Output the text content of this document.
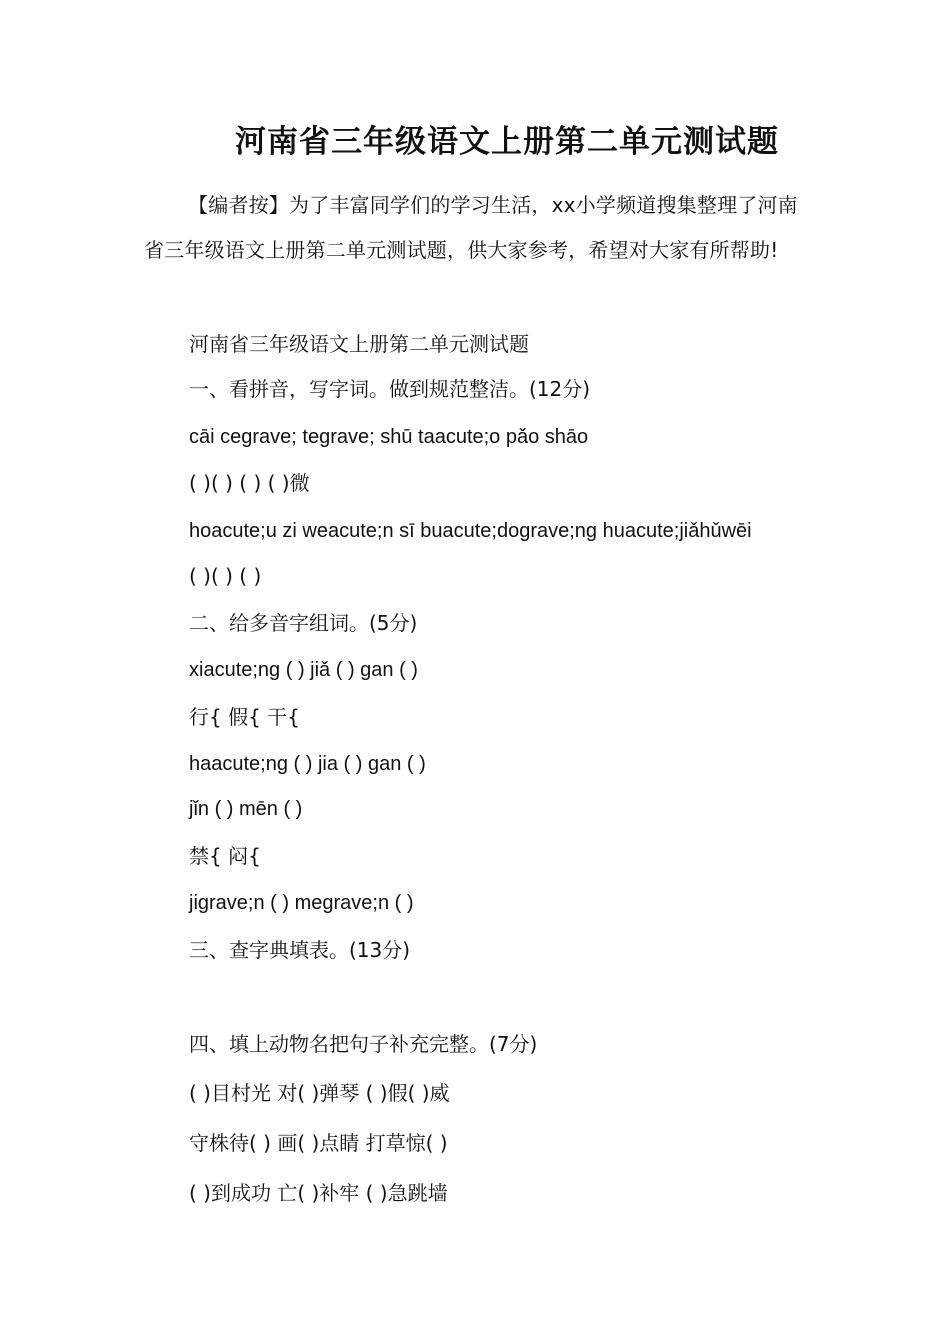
河南省三年级语文上册第二单元测试题

【编者按】为了丰富同学们的学习生活，xx小学频道搜集整理了河南省三年级语文上册第二单元测试题，供大家参考，希望对大家有所帮助!

河南省三年级语文上册第二单元测试题

一、看拼音，写字词。做到规范整洁。(12分)

cāi cegrave; tegrave; shū taacute;o pǎo shāo

( )( ) ( ) ( )微

hoacute;u zi weacute;n sī buacute;dograve;ng huacute;jiǎhǔwēi

( )( ) ( )

二、给多音字组词。(5分)

xiacute;ng ( ) jiǎ ( ) gan ( )

行{ 假{ 干{

haacute;ng ( ) jia ( ) gan ( )

jǐn ( ) mēn ( )

禁{ 闷{

jigrave;n ( ) megrave;n ( )

三、查字典填表。(13分)

四、填上动物名把句子补充完整。(7分)

( )目村光 对( )弹琴 ( )假( )威

守株待( ) 画( )点睛 打草惊( )

( )到成功 亡( )补牢 ( )急跳墙
